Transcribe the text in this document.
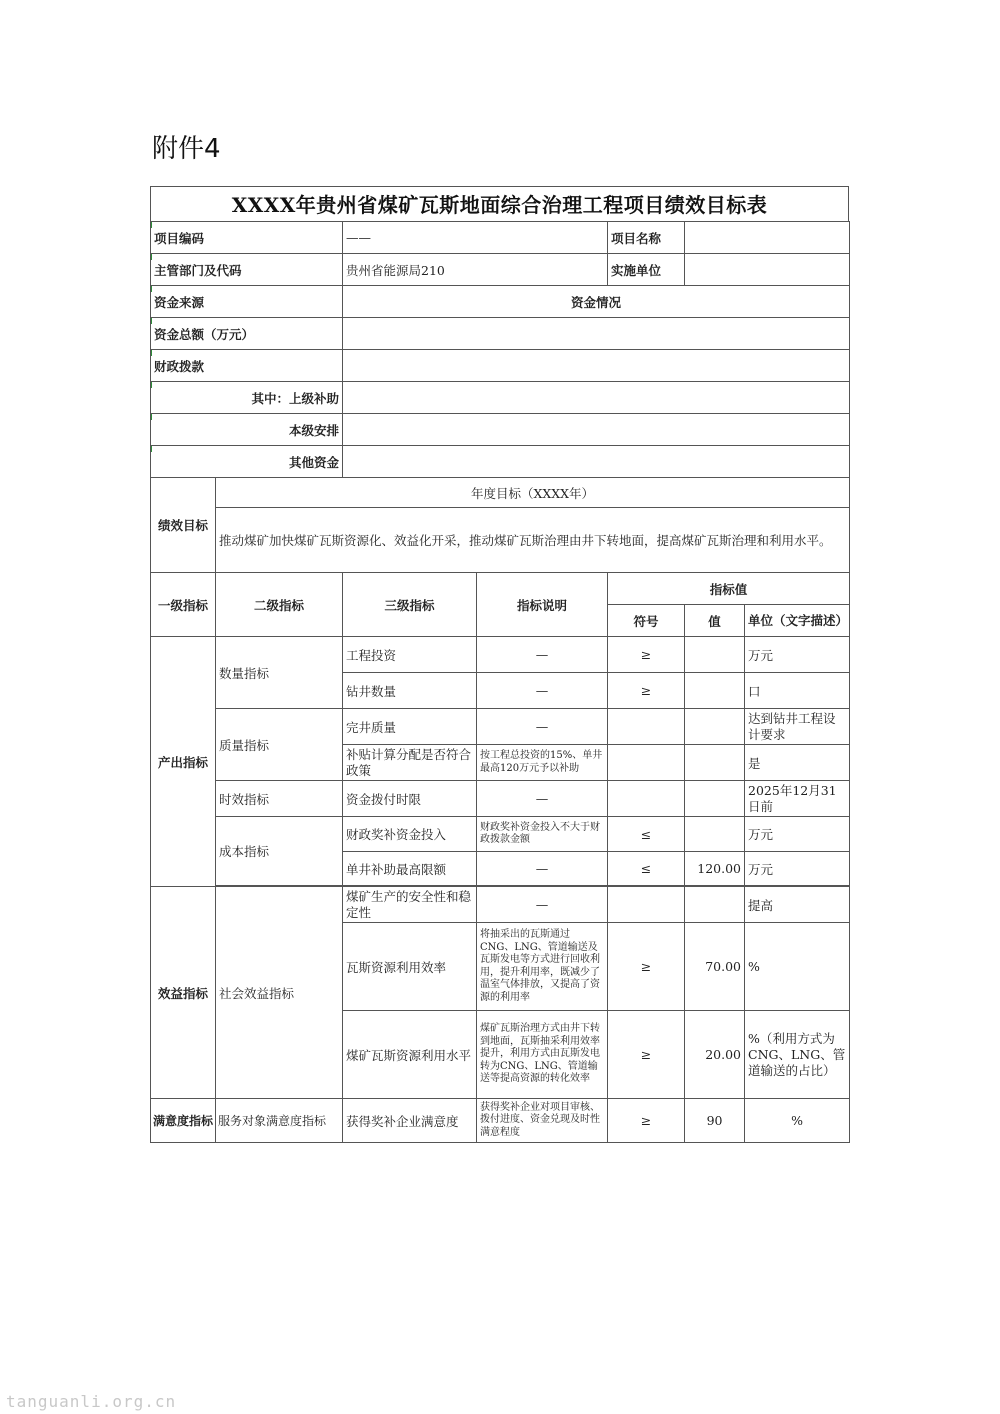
附件4
XXXX年贵州省煤矿瓦斯地面综合治理工程项目绩效目标表
项目编码		——		项目名称		
主管部门及代码		贵州省能源局210		实施单位		
资金来源		资金情况				
资金总额（万元）						
财政拨款						
其中：上级补助						
本级安排						
其他资金						
绩效目标	年度目标（XXXX年）					
	推动煤矿加快煤矿瓦斯资源化、效益化开采，推动煤矿瓦斯治理由井下转地面，提高煤矿瓦斯治理和利用水平。					
一级指标	二级指标	三级指标	指标说明	指标值		
				符号	值	单位（文字描述）
产出指标	数量指标	工程投资	—	≥		万元
		钻井数量	—	≥		口
	质量指标	完井质量	—			达到钻井工程设计要求
		补贴计算分配是否符合政策	按工程总投资的15%、单井最高120万元予以补助			是
	时效指标	资金拨付时限	—			2025年12月31日前
	成本指标	财政奖补资金投入	财政奖补资金投入不大于财政拨款金额	≤		万元
		单井补助最高限额	—	≤	120.00	万元

效益指标	社会效益指标	煤矿生产的安全性和稳定性	—			提高
		瓦斯资源利用效率	将抽采出的瓦斯通过CNG、LNG、管道输送及瓦斯发电等方式进行回收利用，提升利用率，既减少了温室气体排放，又提高了资源的利用率	≥	70.00	%
		煤矿瓦斯资源利用水平	煤矿瓦斯治理方式由井下转到地面，瓦斯抽采利用效率提升，利用方式由瓦斯发电转为CNG、LNG、管道输送等提高资源的转化效率	≥	20.00	%（利用方式为CNG、LNG、管道输送的占比）
满意度指标	服务对象满意度指标	获得奖补企业满意度	获得奖补企业对项目审核、拨付进度、资金兑现及时性满意程度	≥	90	%
tanguanli.org.cn
